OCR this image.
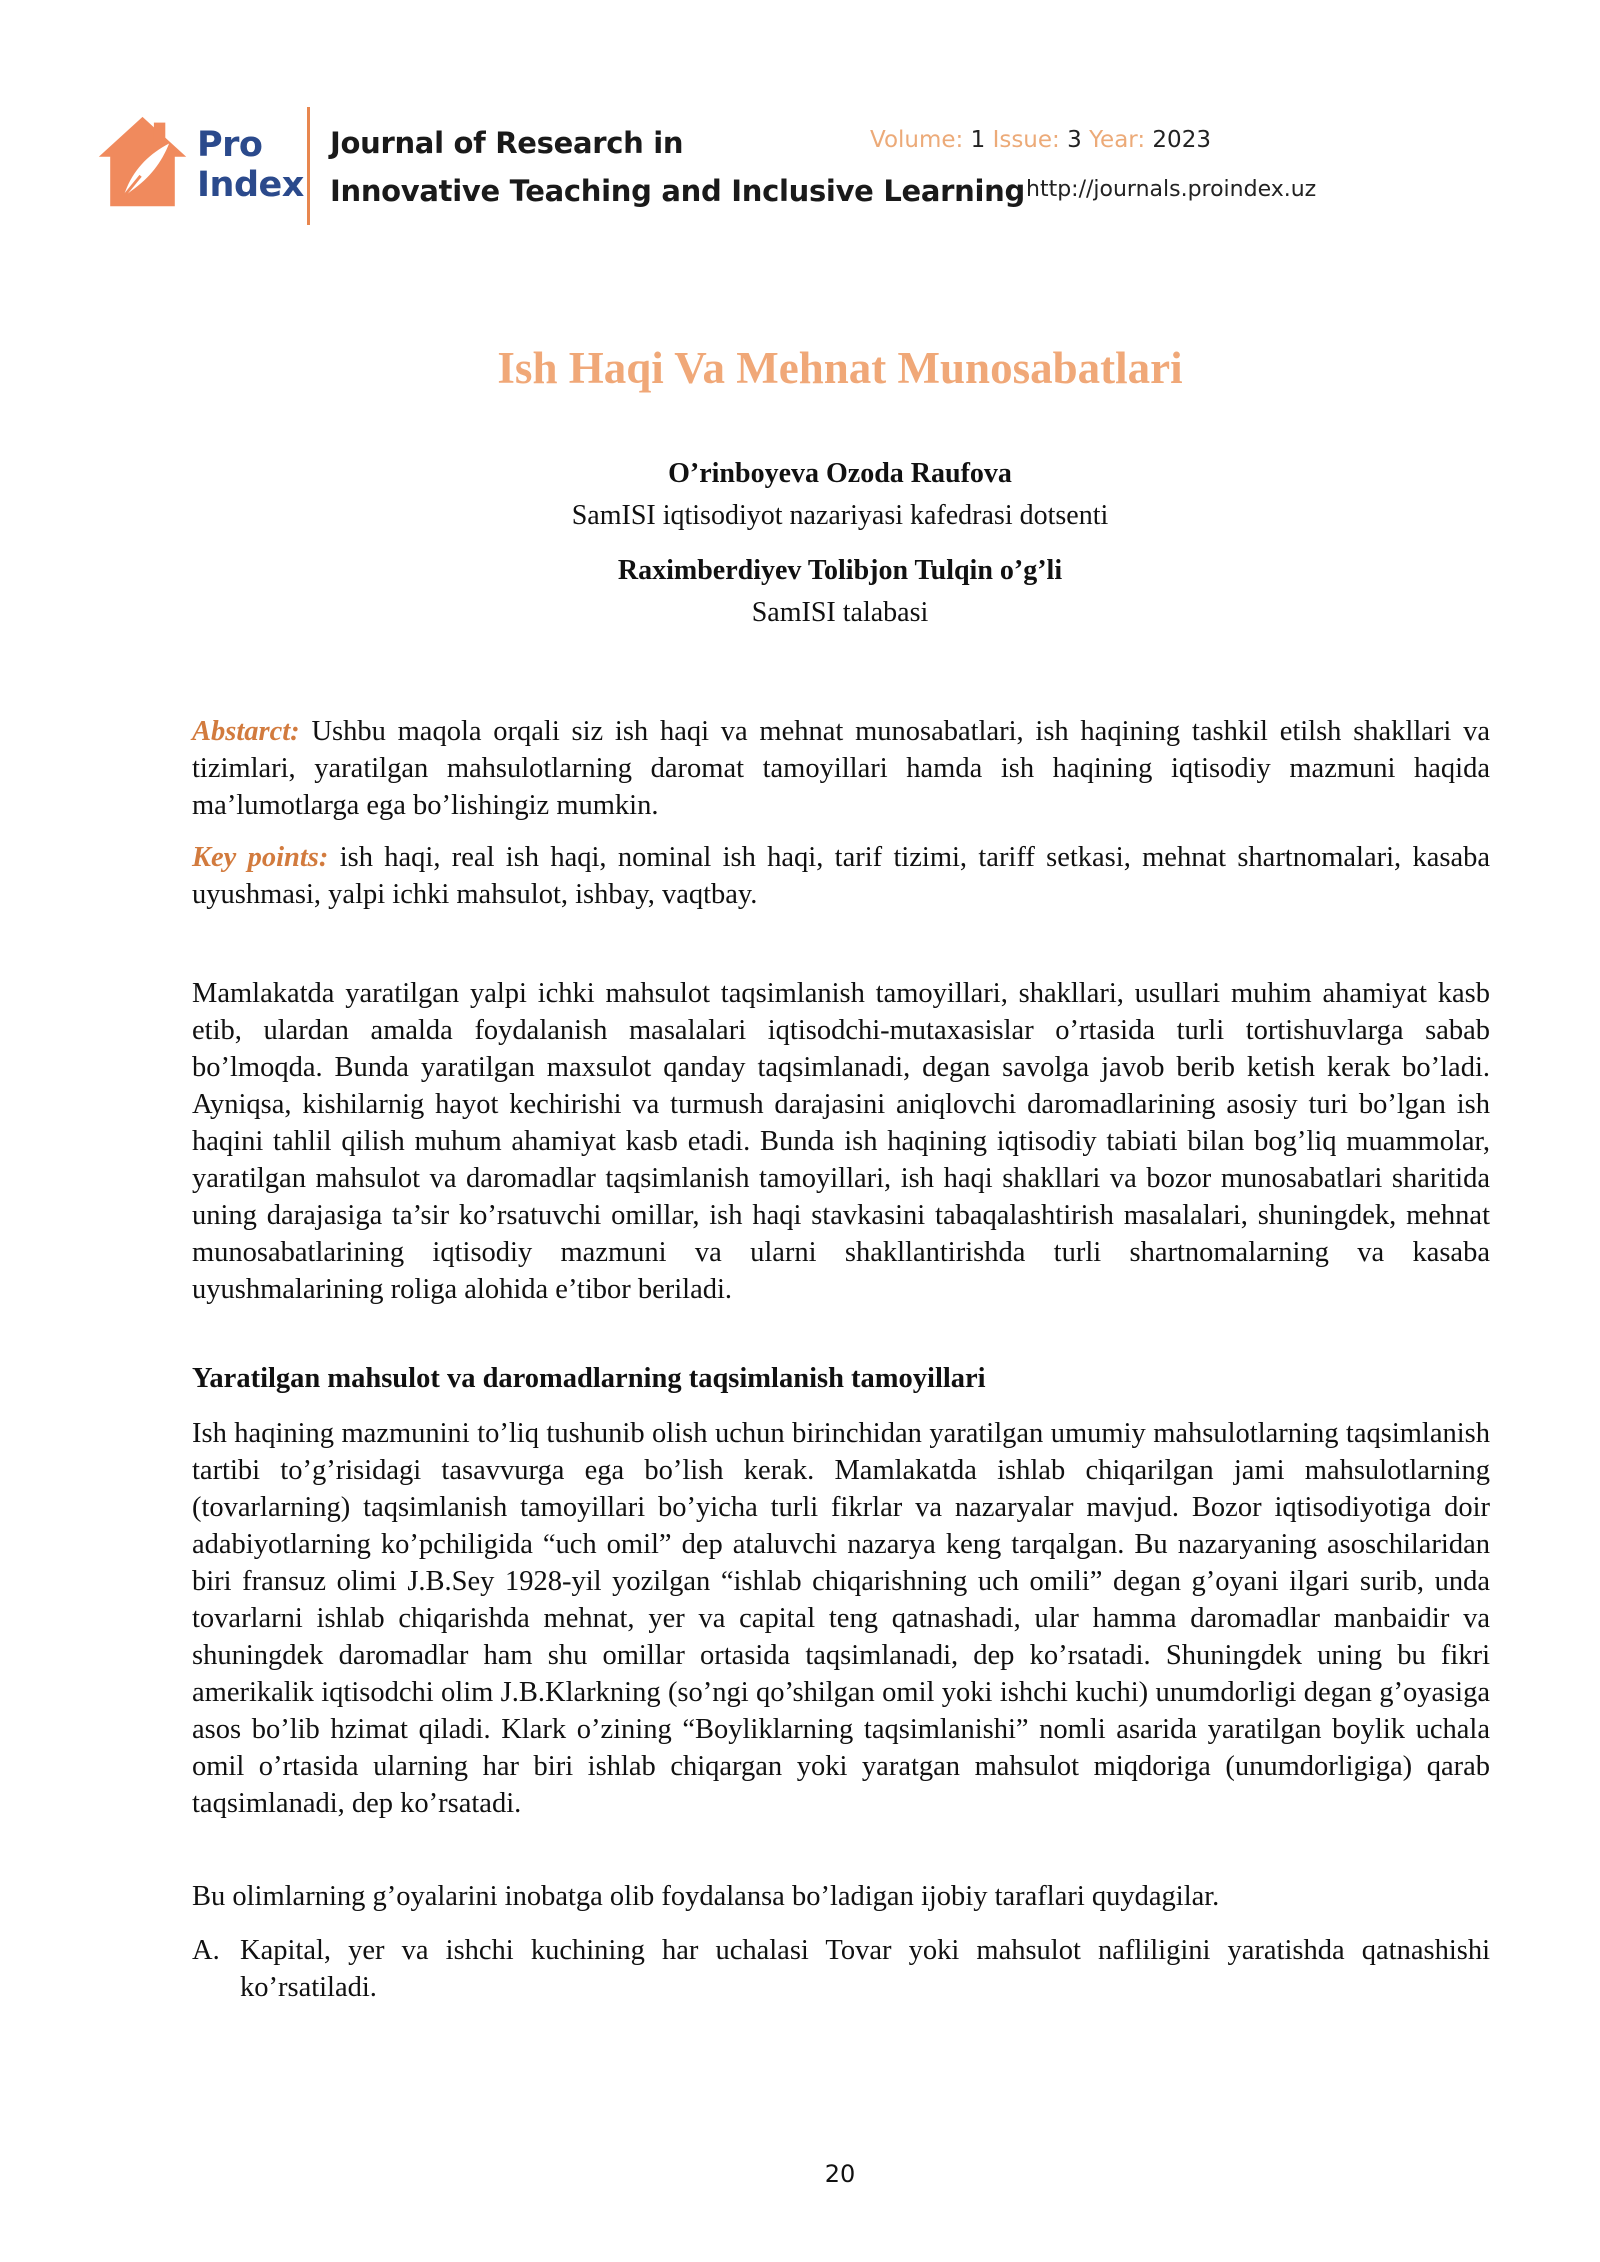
Pro
Index
Journal of Research in
Innovative Teaching and Inclusive Learning
Volume: 1 Issue: 3 Year: 2023
http://journals.proindex.uz
Ish Haqi Va Mehnat Munosabatlari
O’rinboyeva Ozoda Raufova
SamISI iqtisodiyot nazariyasi kafedrasi dotsenti
Raximberdiyev Tolibjon Tulqin o’g’li
SamISI talabasi
Abstarct: Ushbu maqola orqali siz ish haqi va mehnat munosabatlari, ish haqining tashkil etilsh shakllari va tizimlari, yaratilgan mahsulotlarning daromat tamoyillari hamda ish haqining iqtisodiy mazmuni haqida ma’lumotlarga ega bo’lishingiz mumkin.
Key points: ish haqi, real ish haqi, nominal ish haqi, tarif tizimi, tariff setkasi, mehnat shartnomalari, kasaba uyushmasi, yalpi ichki mahsulot, ishbay, vaqtbay.
Mamlakatda yaratilgan yalpi ichki mahsulot taqsimlanish tamoyillari, shakllari, usullari muhim ahamiyat kasb etib, ulardan amalda foydalanish masalalari iqtisodchi-mutaxasislar o’rtasida turli tortishuvlarga sabab bo’lmoqda. Bunda yaratilgan maxsulot qanday taqsimlanadi, degan savolga javob berib ketish kerak bo’ladi. Ayniqsa, kishilarnig hayot kechirishi va turmush darajasini aniqlovchi daromadlarining asosiy turi bo’lgan ish haqini tahlil qilish muhum ahamiyat kasb etadi. Bunda ish haqining iqtisodiy tabiati bilan bog’liq muammolar, yaratilgan mahsulot va daromadlar taqsimlanish tamoyillari, ish haqi shakllari va bozor munosabatlari sharitida uning darajasiga ta’sir ko’rsatuvchi omillar, ish haqi stavkasini tabaqalashtirish masalalari, shuningdek, mehnat munosabatlarining iqtisodiy mazmuni va ularni shakllantirishda turli shartnomalarning va kasaba uyushmalarining roliga alohida e’tibor beriladi.
Yaratilgan mahsulot va daromadlarning taqsimlanish tamoyillari
Ish haqining mazmunini to’liq tushunib olish uchun birinchidan yaratilgan umumiy mahsulotlarning taqsimlanish tartibi to’g’risidagi tasavvurga ega bo’lish kerak. Mamlakatda ishlab chiqarilgan jami mahsulotlarning (tovarlarning) taqsimlanish tamoyillari bo’yicha turli fikrlar va nazaryalar mavjud. Bozor iqtisodiyotiga doir adabiyotlarning ko’pchiligida “uch omil” dep ataluvchi nazarya keng tarqalgan. Bu nazaryaning asoschilaridan biri fransuz olimi J.B.Sey 1928-yil yozilgan “ishlab chiqarishning uch omili” degan g’oyani ilgari surib, unda tovarlarni ishlab chiqarishda mehnat, yer va capital teng qatnashadi, ular hamma daromadlar manbaidir va shuningdek daromadlar ham shu omillar ortasida taqsimlanadi, dep ko’rsatadi. Shuningdek uning bu fikri amerikalik iqtisodchi olim J.B.Klarkning (so’ngi qo’shilgan omil yoki ishchi kuchi) unumdorligi degan g’oyasiga asos bo’lib hzimat qiladi. Klark o’zining “Boyliklarning taqsimlanishi” nomli asarida yaratilgan boylik uchala omil o’rtasida ularning har biri ishlab chiqargan yoki yaratgan mahsulot miqdoriga (unumdorligiga) qarab taqsimlanadi, dep ko’rsatadi.
Bu olimlarning g’oyalarini inobatga olib foydalansa bo’ladigan ijobiy taraflari quydagilar.
A. Kapital, yer va ishchi kuchining har uchalasi Tovar yoki mahsulot nafliligini yaratishda qatnashishi ko’rsatiladi.
20
